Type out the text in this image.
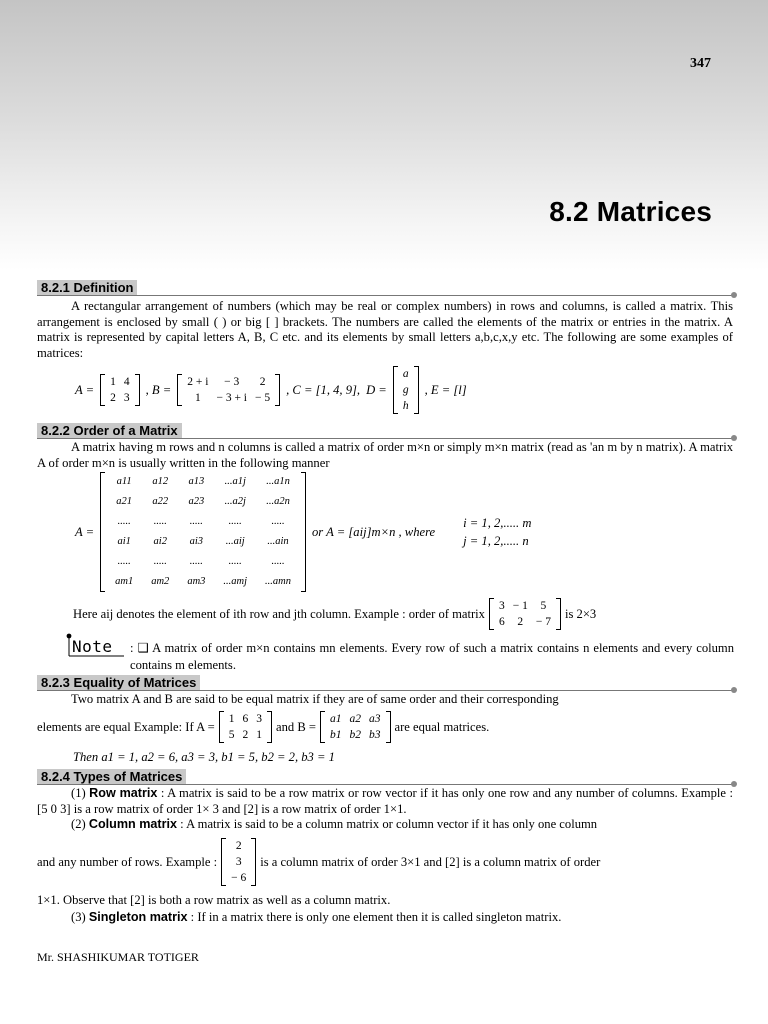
347
8.2 Matrices
8.2.1 Definition
A rectangular arrangement of numbers (which may be real or complex numbers) in rows and columns, is called a matrix. This arrangement is enclosed by small ( ) or big [ ] brackets. The numbers are called the elements of the matrix or entries in the matrix. A matrix is represented by capital letters A, B, C etc. and its elements by small letters a,b,c,x,y etc. The following are some examples of matrices:
A =
1	4
2	3
, B =
2 + i	− 3	2
1	− 3 + i	− 5
, C = [1, 4, 9], D =
a
g
h
, E = [l]
8.2.2 Order of a Matrix
A matrix having m rows and n columns is called a matrix of order m×n or simply m×n matrix (read as 'an m by n matrix). A matrix A of order m×n is usually written in the following manner
A =
a11	a12	a13	...a1j	...a1n
a21	a22	a23	...a2j	...a2n
.....	.....	.....	.....	.....
ai1	ai2	ai3	...aij	...ain
.....	.....	.....	.....	.....
am1	am2	am3	...amj	...amn
or A = [aij]m×n , where
i = 1, 2,..... m
j = 1, 2,..... n
Here aij denotes the element of ith row and jth column. Example : order of matrix
3	− 1	5
6	2	− 7
is 2×3
Note : ❑ A matrix of order m×n contains mn elements. Every row of such a matrix contains n elements and every column contains m elements.
8.2.3 Equality of Matrices
Two matrix A and B are said to be equal matrix if they are of same order and their corresponding
elements are equal Example: If A =
1	6	3
5	2	1
and B =
a1	a2	a3
b1	b2	b3
are equal matrices.
Then a1 = 1, a2 = 6, a3 = 3, b1 = 5, b2 = 2, b3 = 1
8.2.4 Types of Matrices
(1) Row matrix : A matrix is said to be a row matrix or row vector if it has only one row and any number of columns. Example : [5 0 3] is a row matrix of order 1× 3 and [2] is a row matrix of order 1×1.
(2) Column matrix : A matrix is said to be a column matrix or column vector if it has only one column
and any number of rows. Example :
2
3
− 6
is a column matrix of order 3×1 and [2] is a column matrix of order
1×1. Observe that [2] is both a row matrix as well as a column matrix.
(3) Singleton matrix : If in a matrix there is only one element then it is called singleton matrix.
Mr. SHASHIKUMAR TOTIGER
